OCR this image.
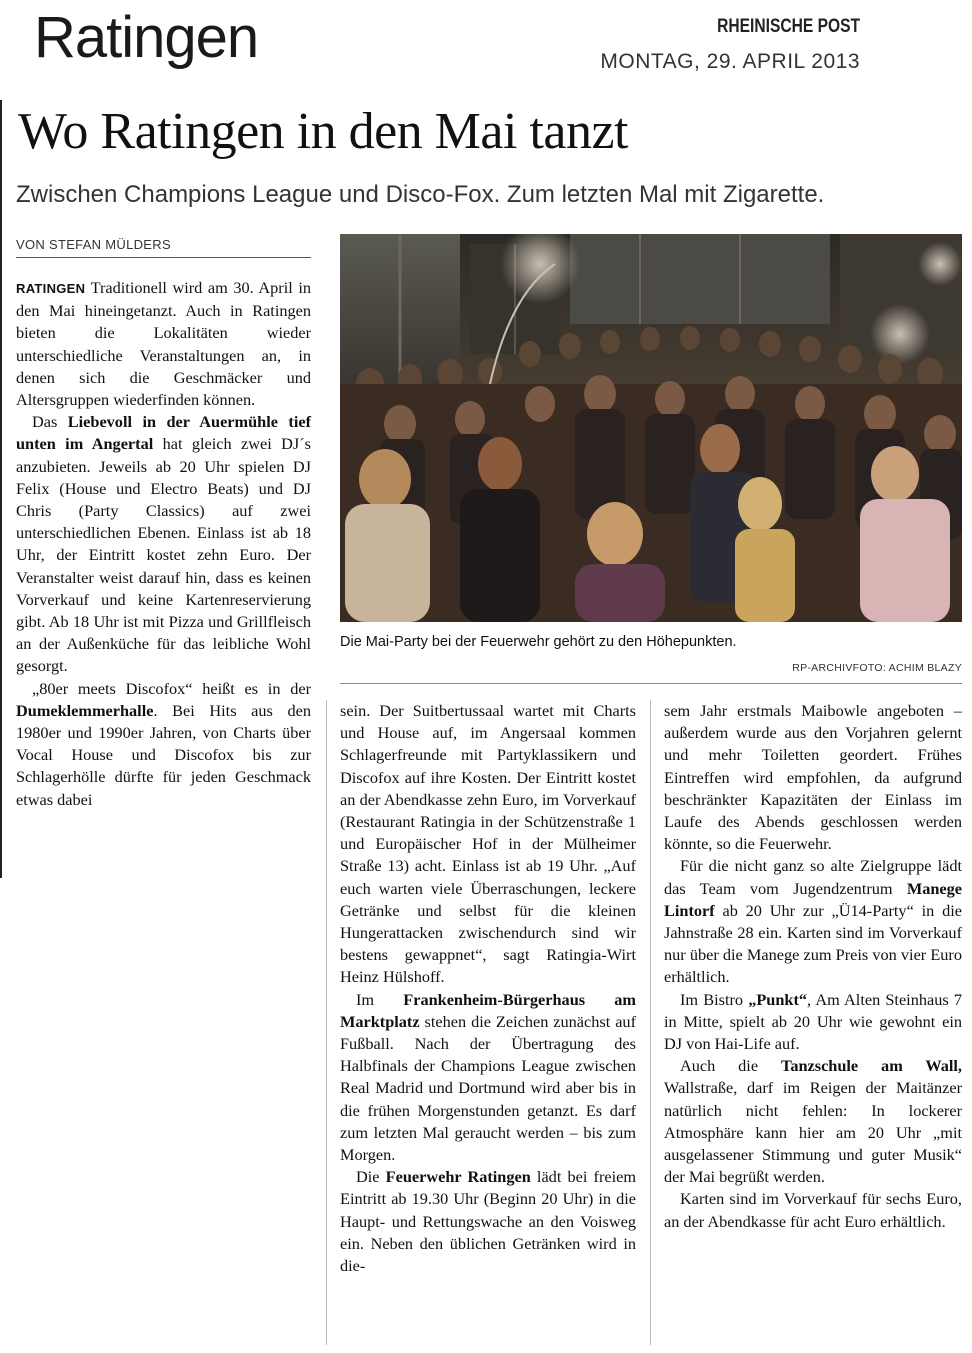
Ratingen	RHEINISCHE POST
MONTAG, 29. APRIL 2013
Wo Ratingen in den Mai tanzt
Zwischen Champions League und Disco-Fox. Zum letzten Mal mit Zigarette.
VON STEFAN MÜLDERS
Die Mai-Party bei der Feuerwehr gehört zu den Höhepunkten.
RP-ARCHIVFOTO: ACHIM BLAZY

RATINGEN Traditionell wird am 30. April in den Mai hineingetanzt. Auch in Ratingen bieten die Lokalitäten wieder unterschiedliche Veranstaltungen an, in denen sich die Geschmäcker und Altersgruppen wiederfinden können.

Das Liebevoll in der Auermühle tief unten im Angertal hat gleich zwei DJ´s anzubieten. Jeweils ab 20 Uhr spielen DJ Felix (House und Electro Beats) und DJ Chris (Party Classics) auf zwei unterschiedlichen Ebenen. Einlass ist ab 18 Uhr, der Eintritt kostet zehn Euro. Der Veranstalter weist darauf hin, dass es keinen Vorverkauf und keine Kartenreservierung gibt. Ab 18 Uhr ist mit Pizza und Grillfleisch an der Außenküche für das leibliche Wohl gesorgt.

„80er meets Discofox“ heißt es in der Dumeklemmerhalle. Bei Hits aus den 1980er und 1990er Jahren, von Charts über Vocal House und Discofox bis zur Schlagerhölle dürfte für jeden Geschmack etwas dabei

sein. Der Suitbertussaal wartet mit Charts und House auf, im Angersaal kommen Schlagerfreunde mit Partyklassikern und Discofox auf ihre Kosten. Der Eintritt kostet an der Abendkasse zehn Euro, im Vorverkauf (Restaurant Ratingia in der Schützenstraße 1 und Europäischer Hof in der Mülheimer Straße 13) acht. Einlass ist ab 19 Uhr. „Auf euch warten viele Überraschungen, leckere Getränke und selbst für die kleinen Hungerattacken zwischendurch sind wir bestens gewappnet“, sagt Ratingia-Wirt Heinz Hülshoff.

Im Frankenheim-Bürgerhaus am Marktplatz stehen die Zeichen zunächst auf Fußball. Nach der Übertragung des Halbfinals der Champions League zwischen Real Madrid und Dortmund wird aber bis in die frühen Morgenstunden getanzt. Es darf zum letzten Mal geraucht werden – bis zum Morgen.

Die Feuerwehr Ratingen lädt bei freiem Eintritt ab 19.30 Uhr (Beginn 20 Uhr) in die Haupt- und Rettungswache an den Voisweg ein. Neben den üblichen Getränken wird in die-

sem Jahr erstmals Maibowle angeboten – außerdem wurde aus den Vorjahren gelernt und mehr Toiletten geordert. Frühes Eintreffen wird empfohlen, da aufgrund beschränkter Kapazitäten der Einlass im Laufe des Abends geschlossen werden könnte, so die Feuerwehr.

Für die nicht ganz so alte Zielgruppe lädt das Team vom Jugendzentrum Manege Lintorf ab 20 Uhr zur „Ü14-Party“ in die Jahnstraße 28 ein. Karten sind im Vorverkauf nur über die Manege zum Preis von vier Euro erhältlich.

Im Bistro „Punkt“, Am Alten Steinhaus 7 in Mitte, spielt ab 20 Uhr wie gewohnt ein DJ von Hai-Life auf.

Auch die Tanzschule am Wall, Wallstraße, darf im Reigen der Maitänzer natürlich nicht fehlen: In lockerer Atmosphäre kann hier am 20 Uhr „mit ausgelassener Stimmung und guter Musik“ der Mai begrüßt werden.

Karten sind im Vorverkauf für sechs Euro, an der Abendkasse für acht Euro erhältlich.
